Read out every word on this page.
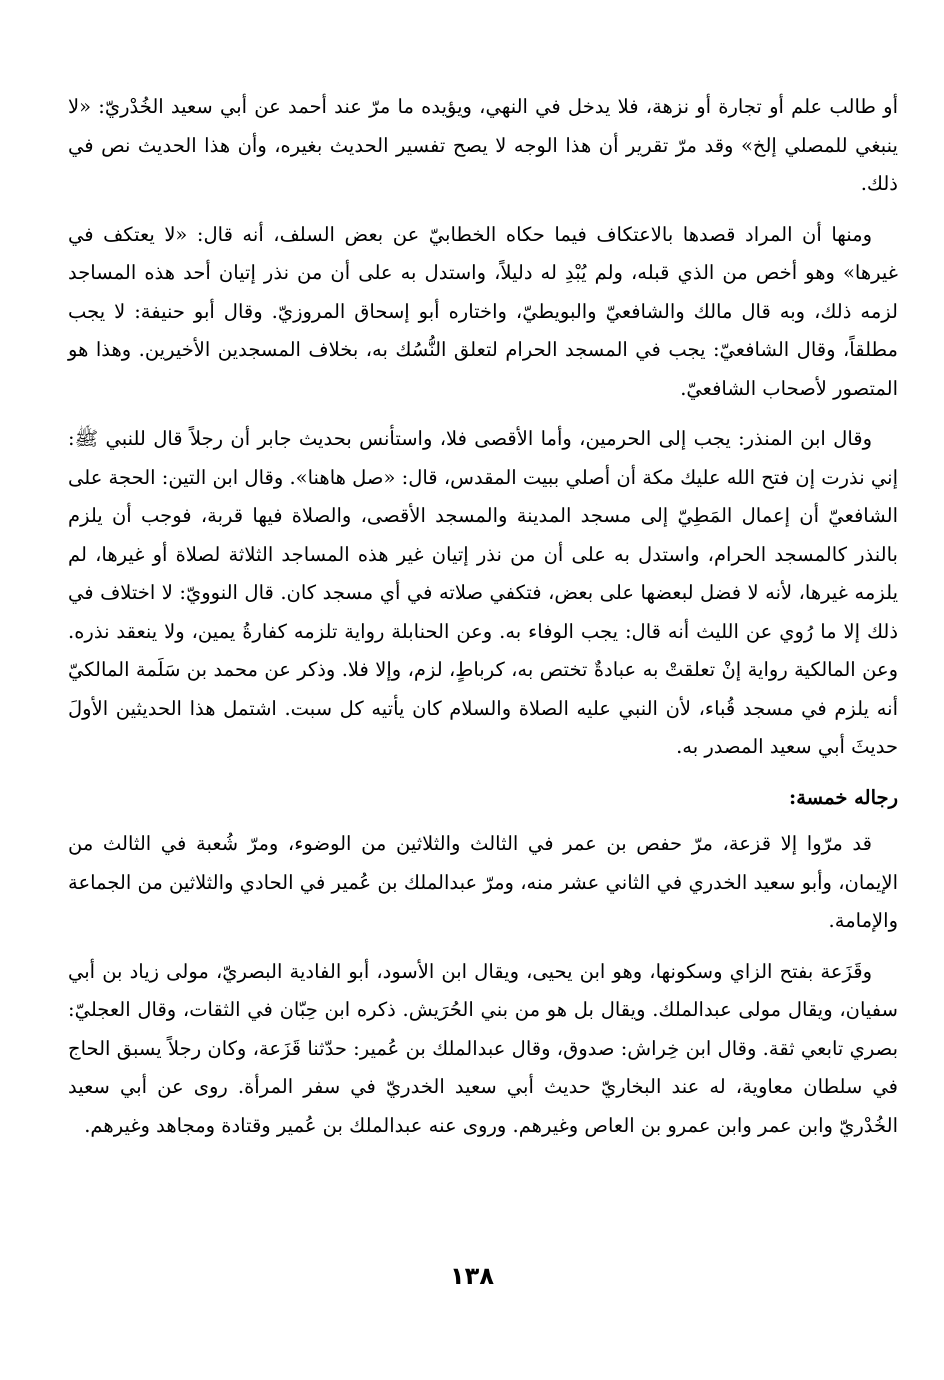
أو طالب علم أو تجارة أو نزهة، فلا يدخل في النهي، ويؤيده ما مرّ عند أحمد عن أبي سعيد الخُدْريّ: «لا ينبغي للمصلي إلخ» وقد مرّ تقرير أن هذا الوجه لا يصح تفسير الحديث بغيره، وأن هذا الحديث نص في ذلك.

ومنها أن المراد قصدها بالاعتكاف فيما حكاه الخطابيّ عن بعض السلف، أنه قال: «لا يعتكف في غيرها» وهو أخص من الذي قبله، ولم يُبْدِ له دليلاً، واستدل به على أن من نذر إتيان أحد هذه المساجد لزمه ذلك، وبه قال مالك والشافعيّ والبويطيّ، واختاره أبو إسحاق المروزيّ. وقال أبو حنيفة: لا يجب مطلقاً، وقال الشافعيّ: يجب في المسجد الحرام لتعلق النُّسُك به، بخلاف المسجدين الأخيرين. وهذا هو المتصور لأصحاب الشافعيّ.

وقال ابن المنذر: يجب إلى الحرمين، وأما الأقصى فلا، واستأنس بحديث جابر أن رجلاً قال للنبي ﷺ: إني نذرت إن فتح الله عليك مكة أن أصلي ببيت المقدس، قال: «صل هاهنا». وقال ابن التين: الحجة على الشافعيّ أن إعمال المَطِيّ إلى مسجد المدينة والمسجد الأقصى، والصلاة فيها قربة، فوجب أن يلزم بالنذر كالمسجد الحرام، واستدل به على أن من نذر إتيان غير هذه المساجد الثلاثة لصلاة أو غيرها، لم يلزمه غيرها، لأنه لا فضل لبعضها على بعض، فتكفي صلاته في أي مسجد كان. قال النوويّ: لا اختلاف في ذلك إلا ما رُوي عن الليث أنه قال: يجب الوفاء به. وعن الحنابلة رواية تلزمه كفارةُ يمين، ولا ينعقد نذره. وعن المالكية رواية إنْ تعلقتْ به عبادةٌ تختص به، كرباطٍ، لزم، وإلا فلا. وذكر عن محمد بن سَلَمة المالكيّ أنه يلزم في مسجد قُباء، لأن النبي عليه الصلاة والسلام كان يأتيه كل سبت. اشتمل هذا الحديثين الأولَ حديثَ أبي سعيد المصدر به.

رجاله خمسة:

قد مرّوا إلا قزعة، مرّ حفص بن عمر في الثالث والثلاثين من الوضوء، ومرّ شُعبة في الثالث من الإيمان، وأبو سعيد الخدري في الثاني عشر منه، ومرّ عبدالملك بن عُمير في الحادي والثلاثين من الجماعة والإمامة.

وقَزَعة بفتح الزاي وسكونها، وهو ابن يحيى، ويقال ابن الأسود، أبو الفادية البصريّ، مولى زياد بن أبي سفيان، ويقال مولى عبدالملك. ويقال بل هو من بني الحُرَيش. ذكره ابن حِبّان في الثقات، وقال العجليّ: بصري تابعي ثقة. وقال ابن خِراش: صدوق، وقال عبدالملك بن عُمير: حدّثنا قَزَعة، وكان رجلاً يسبق الحاج في سلطان معاوية، له عند البخاريّ حديث أبي سعيد الخدريّ في سفر المرأة. روى عن أبي سعيد الخُدْريّ وابن عمر وابن عمرو بن العاص وغيرهم. وروى عنه عبدالملك بن عُمير وقتادة ومجاهد وغيرهم.

١٣٨
